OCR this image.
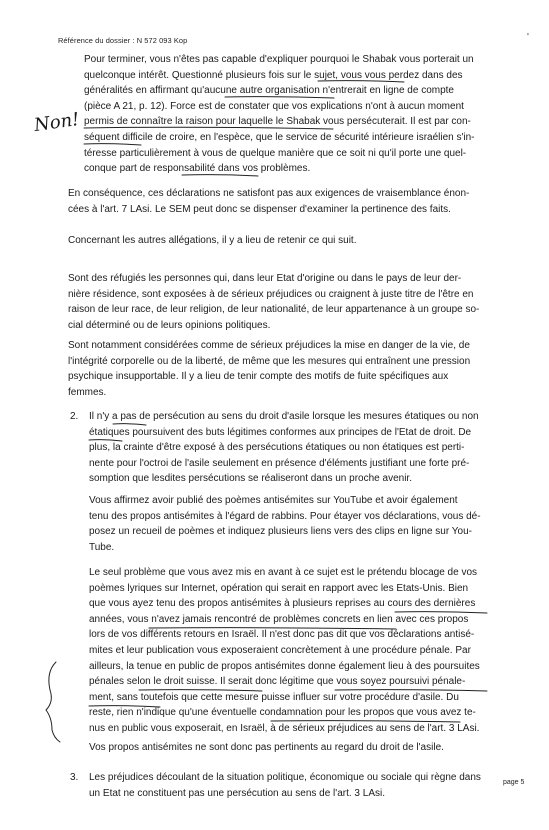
Référence du dossier : N 572 093 Kop	'
Non!
Pour terminer, vous n'êtes pas capable d'expliquer pourquoi le Shabak vous porterait un
quelconque intérêt. Questionné plusieurs fois sur le sujet, vous vous perdez dans des
généralités en affirmant qu'aucune autre organisation n'entrerait en ligne de compte
(pièce A 21, p. 12). Force est de constater que vos explications n'ont à aucun moment
permis de connaître la raison pour laquelle le Shabak vous persécuterait. Il est par con-
séquent difficile de croire, en l'espèce, que le service de sécurité intérieure israélien s'in-
téresse particulièrement à vous de quelque manière que ce soit ni qu'il porte une quel-
conque part de responsabilité dans vos problèmes.
En conséquence, ces déclarations ne satisfont pas aux exigences de vraisemblance énon-
cées à l'art. 7 LAsi. Le SEM peut donc se dispenser d'examiner la pertinence des faits.
Concernant les autres allégations, il y a lieu de retenir ce qui suit.
Sont des réfugiés les personnes qui, dans leur Etat d'origine ou dans le pays de leur der-
nière résidence, sont exposées à de sérieux préjudices ou craignent à juste titre de l'être en
raison de leur race, de leur religion, de leur nationalité, de leur appartenance à un groupe so-
cial déterminé ou de leurs opinions politiques.
Sont notamment considérées comme de sérieux préjudices la mise en danger de la vie, de
l'intégrité corporelle ou de la liberté, de même que les mesures qui entraînent une pression
psychique insupportable. Il y a lieu de tenir compte des motifs de fuite spécifiques aux
femmes.
2. Il n'y a pas de persécution au sens du droit d'asile lorsque les mesures étatiques ou non
étatiques poursuivent des buts légitimes conformes aux principes de l'Etat de droit. De
plus, la crainte d'être exposé à des persécutions étatiques ou non étatiques est perti-
nente pour l'octroi de l'asile seulement en présence d'éléments justifiant une forte pré-
somption que lesdites persécutions se réaliseront dans un proche avenir.
Vous affirmez avoir publié des poèmes antisémites sur YouTube et avoir également
tenu des propos antisémites à l'égard de rabbins. Pour étayer vos déclarations, vous dé-
posez un recueil de poèmes et indiquez plusieurs liens vers des clips en ligne sur You-
Tube.
Le seul problème que vous avez mis en avant à ce sujet est le prétendu blocage de vos
poèmes lyriques sur Internet, opération qui serait en rapport avec les Etats-Unis. Bien
que vous ayez tenu des propos antisémites à plusieurs reprises au cours des dernières
années, vous n'avez jamais rencontré de problèmes concrets en lien avec ces propos
lors de vos différents retours en Israël. Il n'est donc pas dit que vos déclarations antisé-
mites et leur publication vous exposeraient concrètement à une procédure pénale. Par
ailleurs, la tenue en public de propos antisémites donne également lieu à des poursuites
pénales selon le droit suisse. Il serait donc légitime que vous soyez poursuivi pénale-
ment, sans toutefois que cette mesure puisse influer sur votre procédure d'asile. Du
reste, rien n'indique qu'une éventuelle condamnation pour les propos que vous avez te-
nus en public vous exposerait, en Israël, à de sérieux préjudices au sens de l'art. 3 LAsi.
Vos propos antisémites ne sont donc pas pertinents au regard du droit de l'asile.
3. Les préjudices découlant de la situation politique, économique ou sociale qui règne dans
un Etat ne constituent pas une persécution au sens de l'art. 3 LAsi.
page 5
